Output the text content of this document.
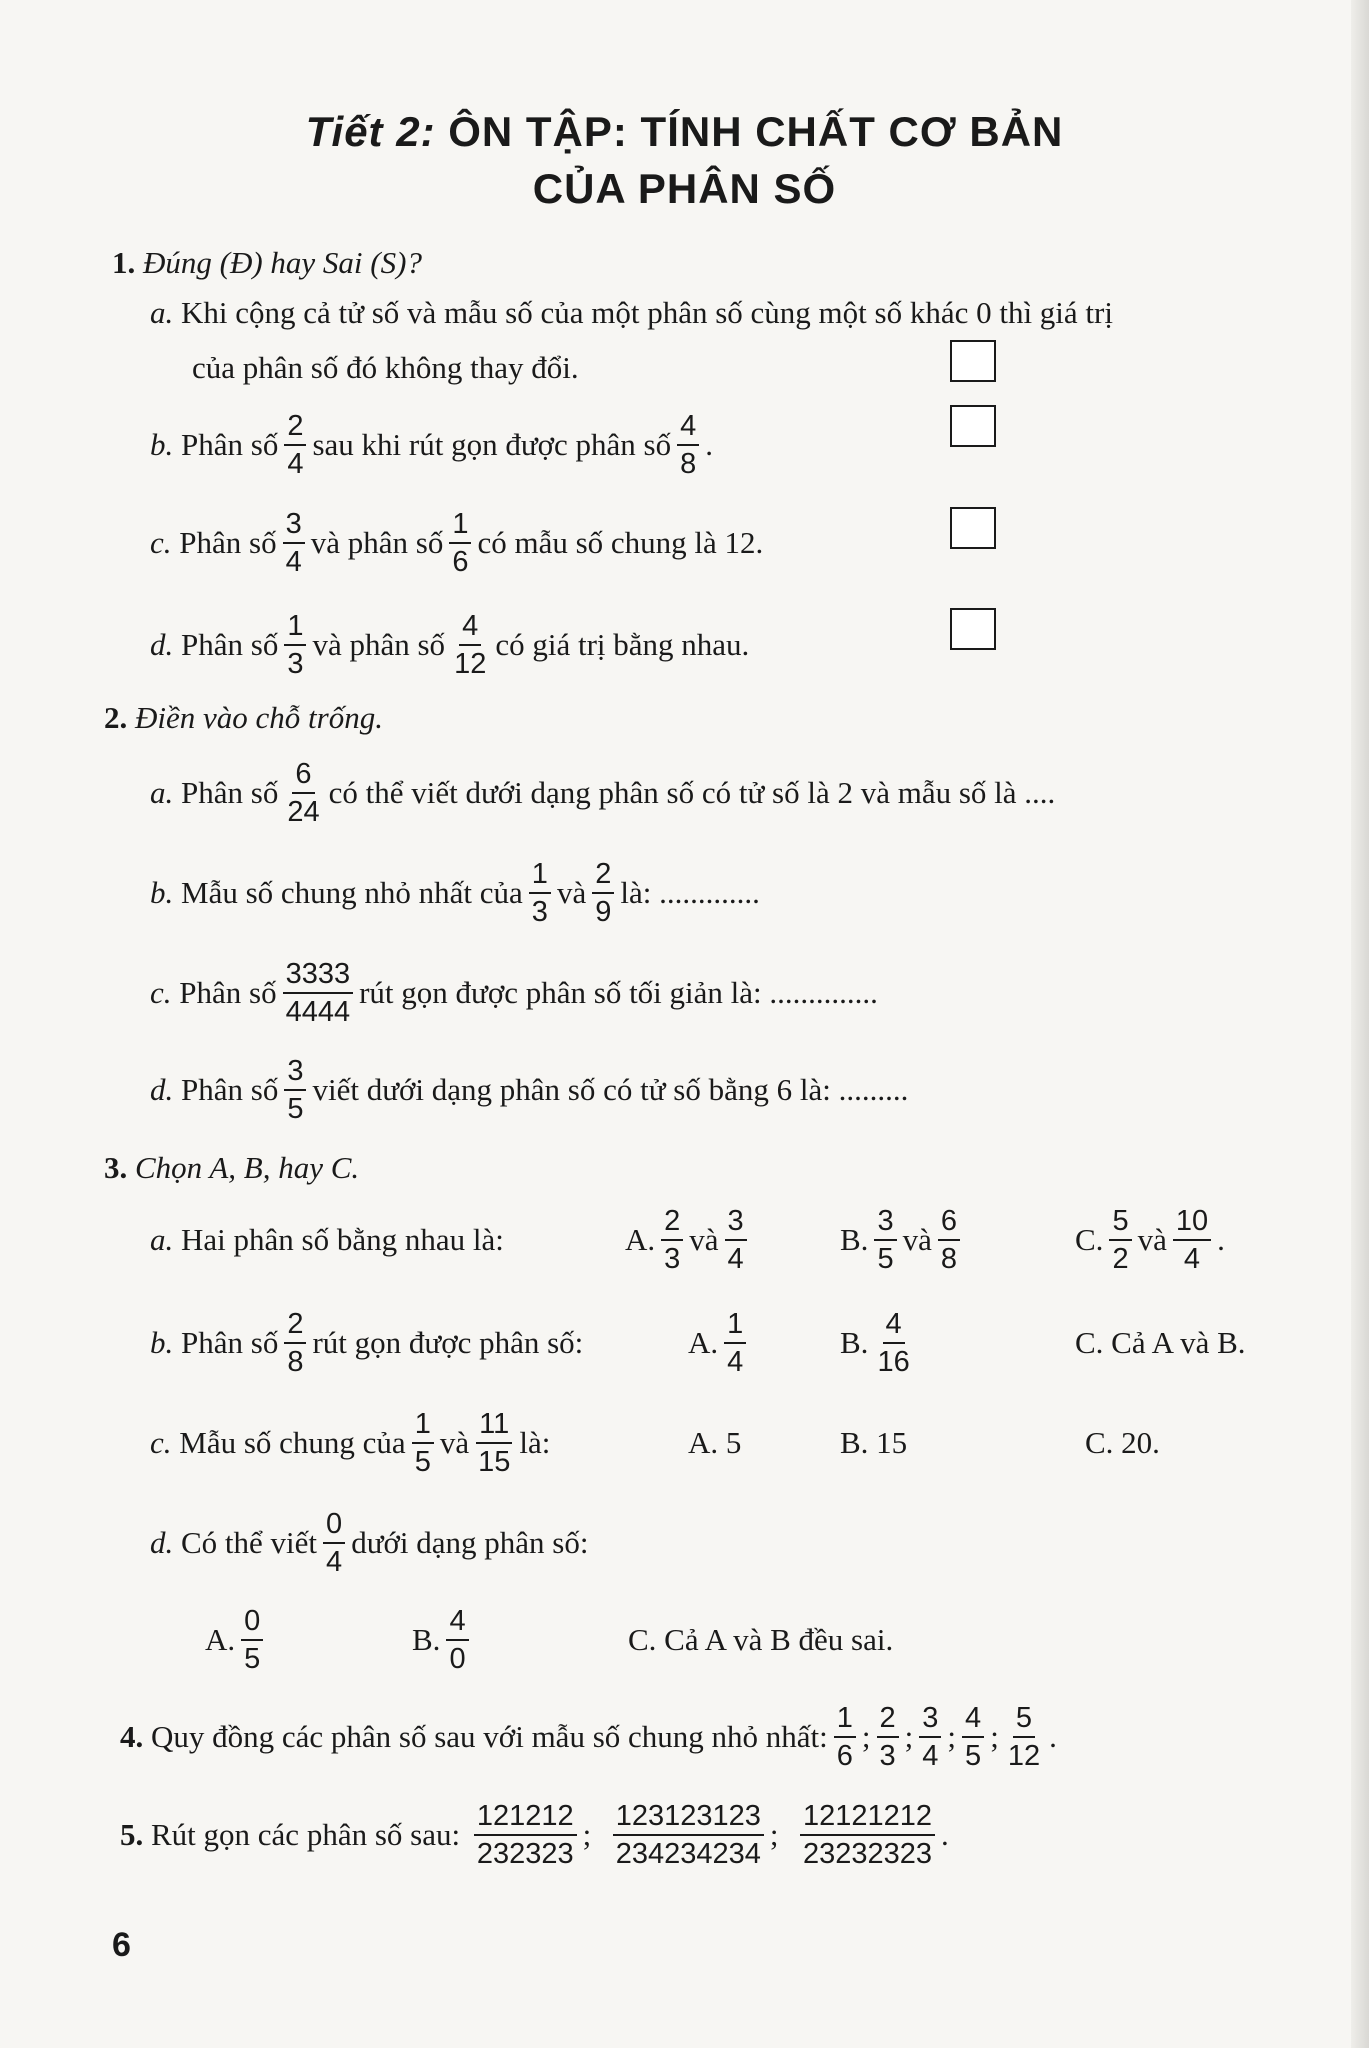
Tiết 2: ÔN TẬP: TÍNH CHẤT CƠ BẢN
CỦA PHÂN SỐ
1.
Đúng (Đ) hay Sai (S)?
a.
Khi cộng cả tử số và mẫu số của một phân số cùng một số khác 0 thì giá trị
của phân số đó không thay đổi.
b.
Phân số $\frac{2}{4}$ sau khi rút gọn được phân số $\frac{4}{8}$ .
c.
Phân số $\frac{3}{4}$ và phân số $\frac{1}{6}$ có mẫu số chung là 12.
d.
Phân số $\frac{1}{3}$ và phân số $\frac{4}{12}$ có giá trị bằng nhau.
2.
Điền vào chỗ trống.
a.
Phân số $\frac{6}{24}$ có thể viết dưới dạng phân số có tử số là 2 và mẫu số là ....
b.
Mẫu số chung nhỏ nhất của $\frac{1}{3}$ và $\frac{2}{9}$ là: .............
c.
Phân số $\frac{3333}{4444}$ rút gọn được phân số tối giản là: ..............
d.
Phân số $\frac{3}{5}$ viết dưới dạng phân số có tử số bằng 6 là: .........
3.
Chọn A, B, hay C.
a.
Hai phân số bằng nhau là:	A. $\frac{2}{3}$ và $\frac{3}{4}$	B. $\frac{3}{5}$ và $\frac{6}{8}$	C. $\frac{5}{2}$ và $\frac{10}{4}$ .
b.
Phân số $\frac{2}{8}$ rút gọn được phân số:	A. $\frac{1}{4}$	B. $\frac{4}{16}$	C. Cả A và B.
c.
Mẫu số chung của $\frac{1}{5}$ và $\frac{11}{15}$ là:	A. 5	B. 15	C. 20.
d.
Có thể viết $\frac{0}{4}$ dưới dạng phân số:
A. $\frac{0}{5}$	B. $\frac{4}{0}$	C. Cả A và B đều sai.
4.
Quy đồng các phân số sau với mẫu số chung nhỏ nhất: $\frac{1}{6}$ ; $\frac{2}{3}$ ; $\frac{3}{4}$ ; $\frac{4}{5}$ ; $\frac{5}{12}$ .
5.
Rút gọn các phân số sau:
$\frac{121212}{232323}$ ;
$\frac{123123123}{234234234}$ ;
$\frac{12121212}{23232323}$ .
6
